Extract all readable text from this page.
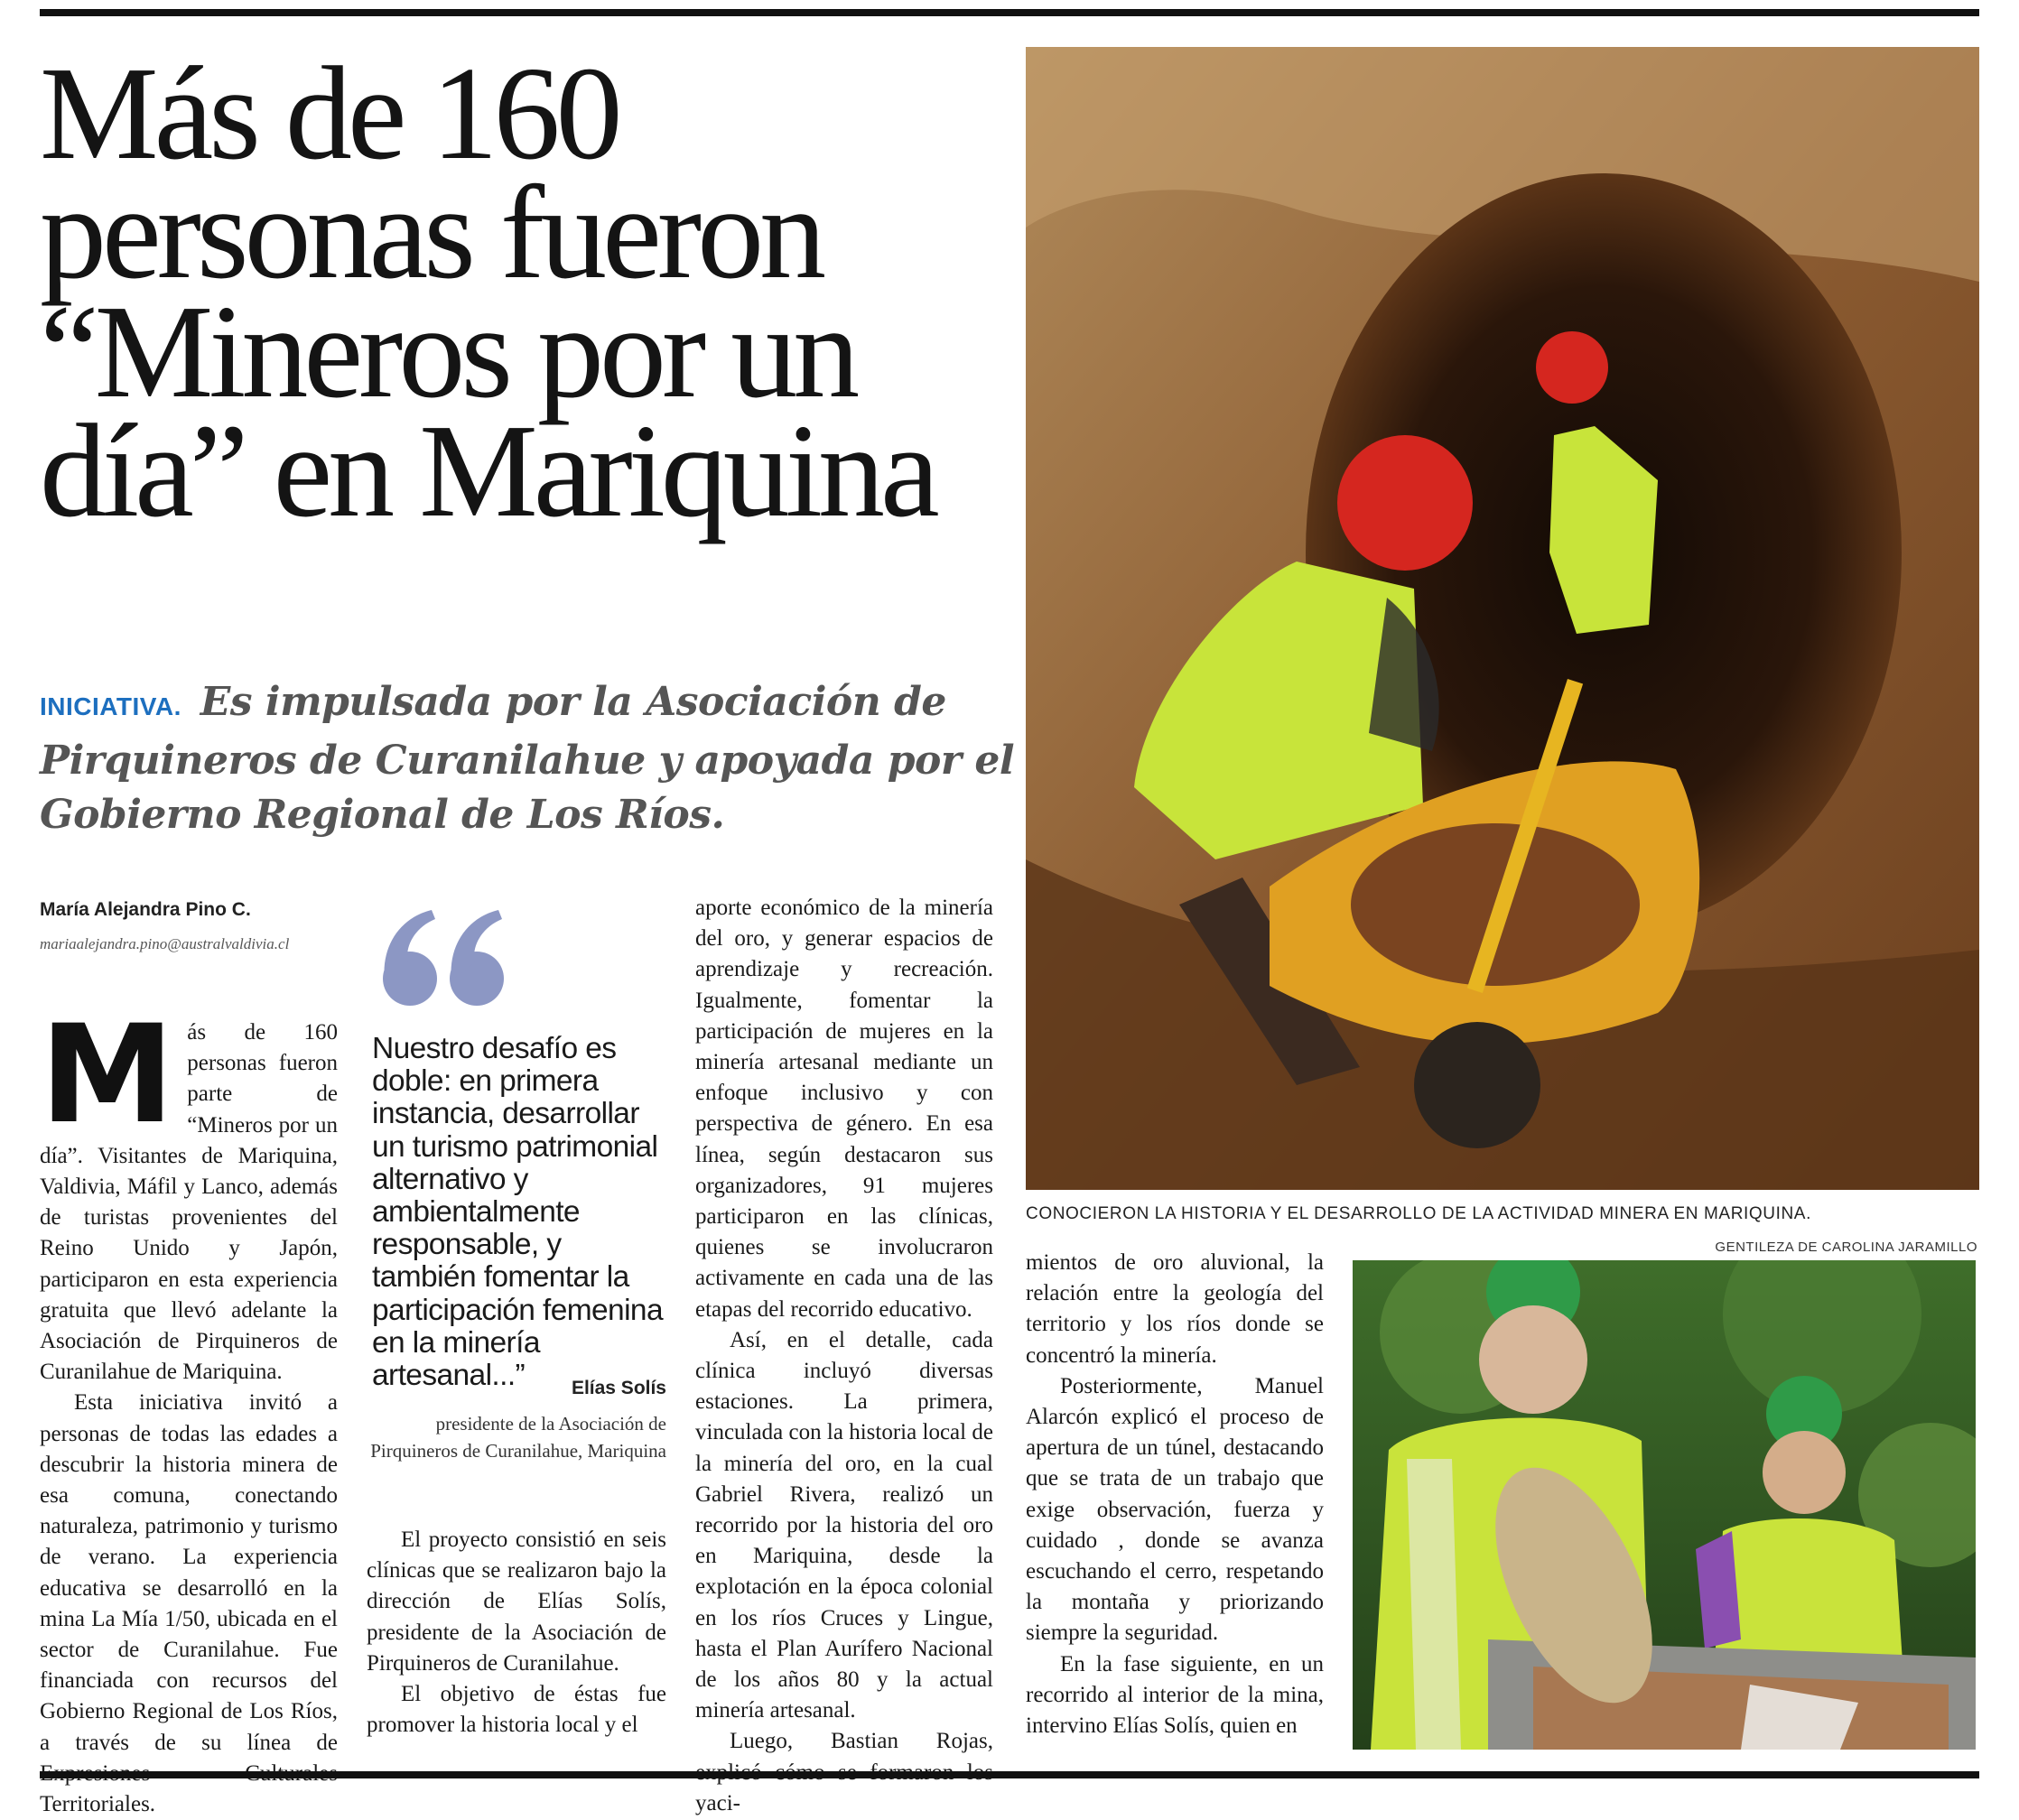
Más de 160
personas fueron
“Mineros por un
día” en Mariquina
INICIATIVA. Es impulsada por la Asociación de Pirquineros de Curanilahue y apoyada por el Gobierno Regional de Los Ríos.
María Alejandra Pino C.
mariaalejandra.pino@australvaldivia.cl

Más de 160 personas fueron parte de “Mineros por un día”. Visitantes de Mariquina, Valdivia, Máfil y Lanco, además de turistas provenientes del Reino Unido y Japón, participaron en esta experiencia gratuita que llevó adelante la Asociación de Pirquineros de Curanilahue de Mariquina.

Esta iniciativa invitó a personas de todas las edades a descubrir la historia minera de esa comuna, conectando naturaleza, patrimonio y turismo de verano. La experiencia educativa se desarrolló en la mina La Mía 1/50, ubicada en el sector de Curanilahue. Fue financiada con recursos del Gobierno Regional de Los Ríos, a través de su línea de Territoriales.

Nuestro desafío es doble: en primera instancia, desarrollar un turismo patrimonial alternativo y ambientalmente responsable, y también fomentar la participación femenina en la minería artesanal...”	Elías Solís
presidente de la Asociación de Pirquineros de Curanilahue, Mariquina

El proyecto consistió en seis clínicas que se realizaron bajo la dirección de Elías Solís, presidente de la Asociación de Pirquineros de Curanilahue.

El objetivo de éstas fue promover la historia local y el

aporte económico de la minería del oro, y generar espacios de aprendizaje y recreación. Igualmente, fomentar la participación de mujeres en la minería artesanal mediante un enfoque inclusivo y con perspectiva de género. En esa línea, según destacaron sus organizadores, 91 mujeres participaron en las clínicas, quienes se involucraron activamente en cada una de las etapas del recorrido educativo.

Así, en el detalle, cada clínica incluyó diversas estaciones. La primera, vinculada con la historia local de la minería del oro, en la cual Gabriel Rivera, realizó un recorrido por la historia del oro en Mariquina, desde la explotación en la época colonial en los ríos Cruces y Lingue, hasta el Plan Aurífero Nacional de los años 80 y la actual minería artesanal.

Luego, Bastian Rojas, yaci-

CONOCIERON LA HISTORIA Y EL DESARROLLO DE LA ACTIVIDAD MINERA EN MARIQUINA.
GENTILEZA DE CAROLINA JARAMILLO

mientos de oro aluvional, la relación entre la geología del territorio y los ríos donde se concentró la minería.

Posteriormente, Manuel Alarcón explicó el proceso de apertura de un túnel, destacando que se trata de un trabajo que exige observación, fuerza y cuidado , donde se avanza escuchando el cerro, respetando la montaña y priorizando siempre la seguridad.

En la fase siguiente, en un recorrido al interior de la mina, intervino Elías Solís, quien en
